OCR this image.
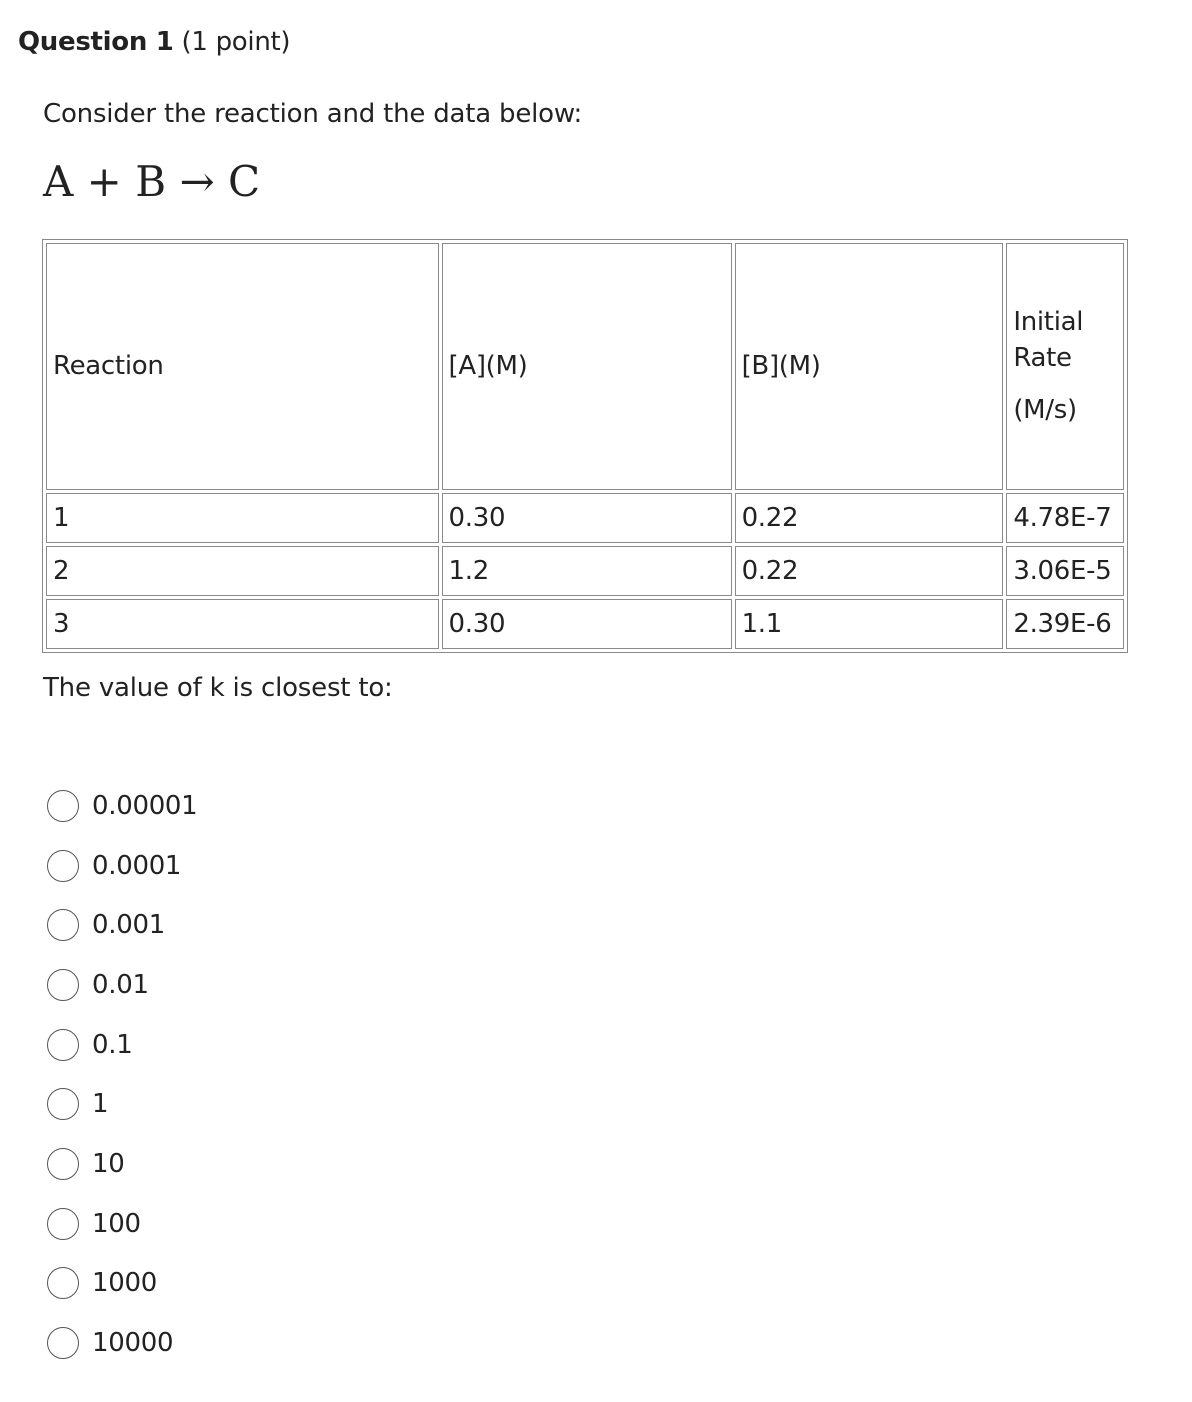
Question 1 (1 point)
Consider the reaction and the data below:
A + B → C
Reaction	[A](M)	[B](M)	Initial
Rate
(M/s)

1	0.30	0.22	4.78E-7
2	1.2	0.22	3.06E-5
3	0.30	1.1	2.39E-6
The value of k is closest to:
0.00001
0.0001
0.001
0.01
0.1
1
10
100
1000
10000
